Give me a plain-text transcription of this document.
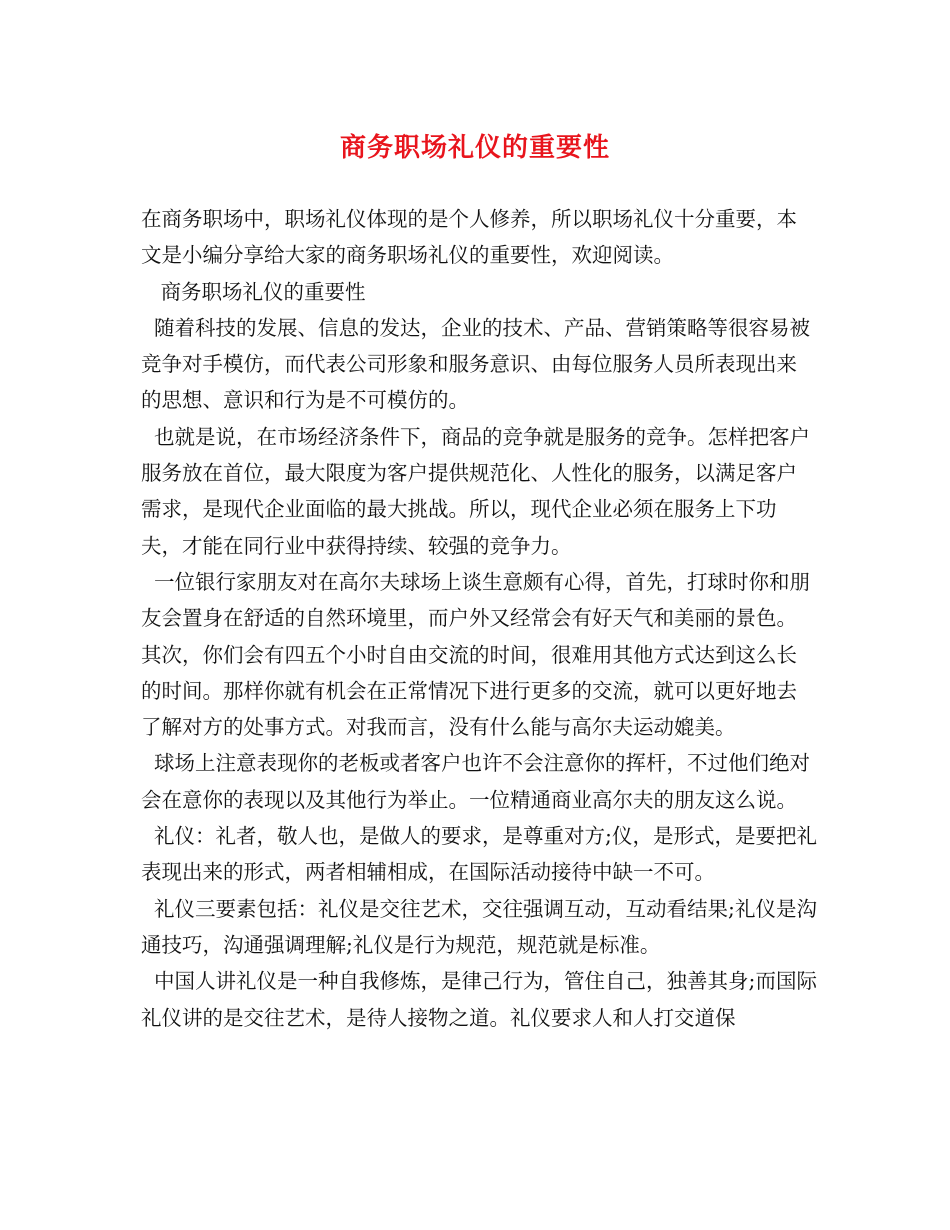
商务职场礼仪的重要性

在商务职场中，职场礼仪体现的是个人修养，所以职场礼仪十分重要，本文是小编分享给大家的商务职场礼仪的重要性，欢迎阅读。

商务职场礼仪的重要性

随着科技的发展、信息的发达，企业的技术、产品、营销策略等很容易被竞争对手模仿，而代表公司形象和服务意识、由每位服务人员所表现出来的思想、意识和行为是不可模仿的。

也就是说，在市场经济条件下，商品的竞争就是服务的竞争。怎样把客户服务放在首位，最大限度为客户提供规范化、人性化的服务，以满足客户需求，是现代企业面临的最大挑战。所以，现代企业必须在服务上下功夫，才能在同行业中获得持续、较强的竞争力。

一位银行家朋友对在高尔夫球场上谈生意颇有心得，首先，打球时你和朋友会置身在舒适的自然环境里，而户外又经常会有好天气和美丽的景色。其次，你们会有四五个小时自由交流的时间，很难用其他方式达到这么长的时间。那样你就有机会在正常情况下进行更多的交流，就可以更好地去了解对方的处事方式。对我而言，没有什么能与高尔夫运动媲美。

球场上注意表现你的老板或者客户也许不会注意你的挥杆，不过他们绝对会在意你的表现以及其他行为举止。一位精通商业高尔夫的朋友这么说。

礼仪：礼者，敬人也，是做人的要求，是尊重对方;仪，是形式，是要把礼表现出来的形式，两者相辅相成，在国际活动接待中缺一不可。

礼仪三要素包括：礼仪是交往艺术，交往强调互动，互动看结果;礼仪是沟通技巧，沟通强调理解;礼仪是行为规范，规范就是标准。

中国人讲礼仪是一种自我修炼，是律己行为，管住自己，独善其身;而国际礼仪讲的是交往艺术，是待人接物之道。礼仪要求人和人打交道保
